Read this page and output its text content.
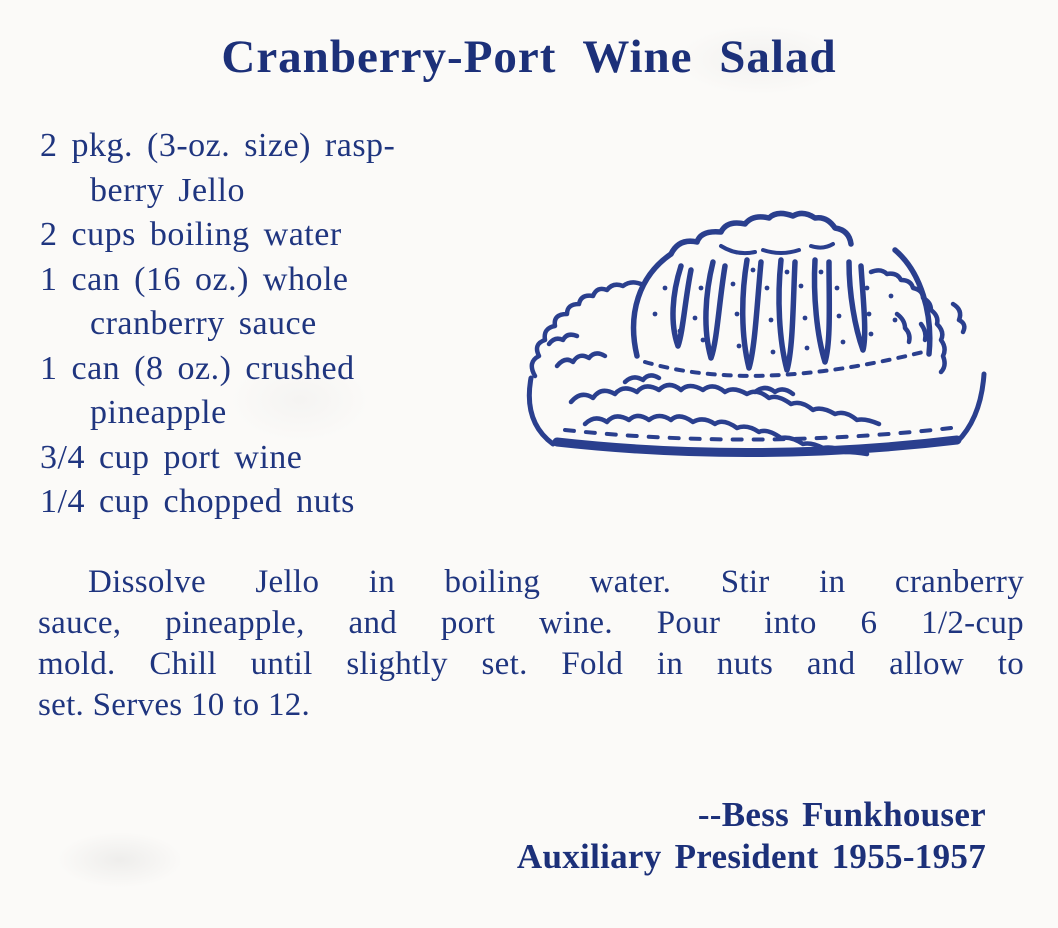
Cranberry-Port Wine Salad
2 pkg. (3-oz. size) rasp-
berry Jello
2 cups boiling water
1 can (16 oz.) whole
cranberry sauce
1 can (8 oz.) crushed
pineapple
3/4 cup port wine
1/4 cup chopped nuts
Dissolve Jello in boiling water. Stir in cranberry
sauce, pineapple, and port wine. Pour into 6 1/2-cup
mold. Chill until slightly set. Fold in nuts and allow to
set. Serves 10 to 12.
--Bess Funkhouser
Auxiliary President 1955-1957
